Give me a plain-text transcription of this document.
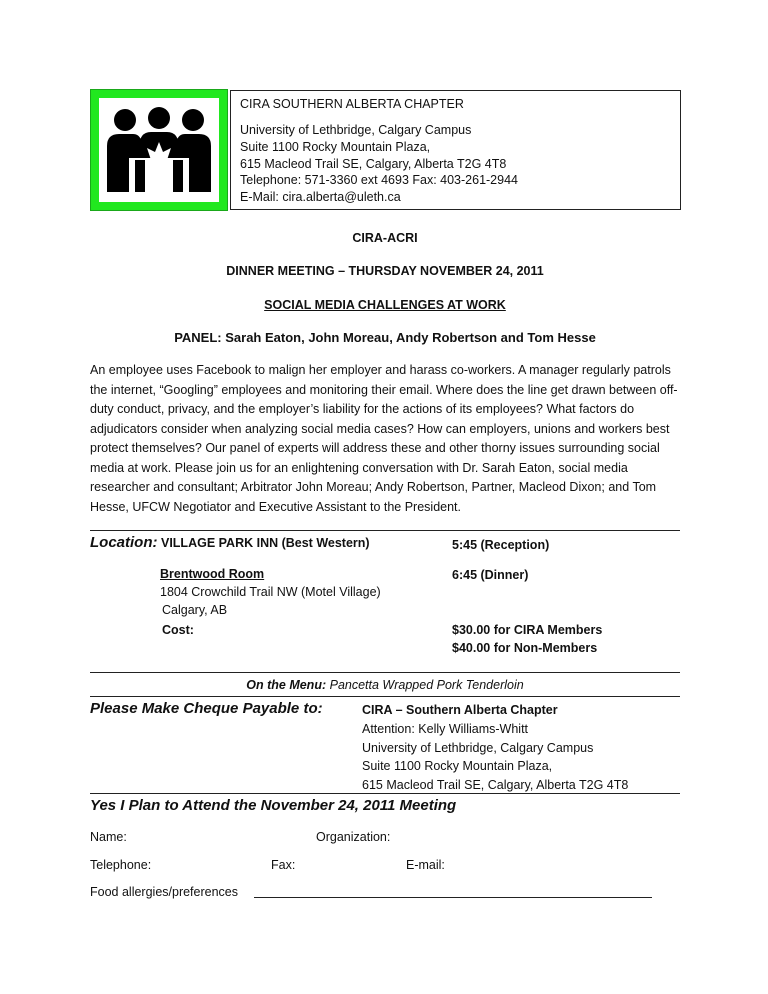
CIRA SOUTHERN ALBERTA CHAPTER
University of Lethbridge, Calgary Campus
Suite 1100 Rocky Mountain Plaza,
615 Macleod Trail SE, Calgary, Alberta T2G 4T8
Telephone: 571-3360 ext 4693 Fax: 403-261-2944
E-Mail: cira.alberta@uleth.ca
CIRA-ACRI
DINNER MEETING – THURSDAY NOVEMBER 24, 2011
SOCIAL MEDIA CHALLENGES AT WORK
PANEL: Sarah Eaton, John Moreau, Andy Robertson and Tom Hesse
An employee uses Facebook to malign her employer and harass co-workers. A manager regularly patrols the internet, “Googling” employees and monitoring their email. Where does the line get drawn between off-duty conduct, privacy, and the employer’s liability for the actions of its employees? What factors do adjudicators consider when analyzing social media cases? How can employers, unions and workers best protect themselves? Our panel of experts will address these and other thorny issues surrounding social media at work. Please join us for an enlightening conversation with Dr. Sarah Eaton, social media researcher and consultant; Arbitrator John Moreau; Andy Robertson, Partner, Macleod Dixon; and Tom Hesse, UFCW Negotiator and Executive Assistant to the President.
Location: VILLAGE PARK INN (Best Western)	5:45 (Reception)
Brentwood Room	6:45 (Dinner)
1804 Crowchild Trail NW (Motel Village)
Calgary, AB
Cost:	$30.00 for CIRA Members
$40.00 for Non-Members
On the Menu: Pancetta Wrapped Pork Tenderloin
Please Make Cheque Payable to:	CIRA – Southern Alberta Chapter
Attention: Kelly Williams-Whitt
University of Lethbridge, Calgary Campus
Suite 1100 Rocky Mountain Plaza,
615 Macleod Trail SE, Calgary, Alberta T2G 4T8
Yes I Plan to Attend the November 24, 2011 Meeting
Name:	Organization:
Telephone:	Fax:	E-mail:
Food allergies/preferences
